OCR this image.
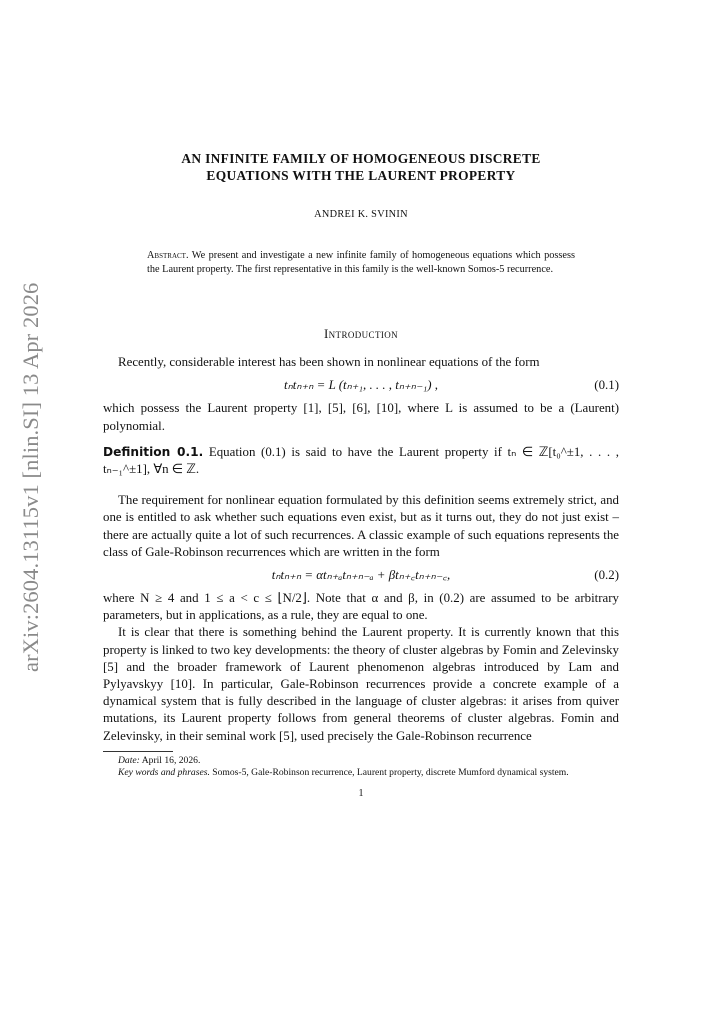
arXiv:2604.13115v1 [nlin.SI] 13 Apr 2026
AN INFINITE FAMILY OF HOMOGENEOUS DISCRETE
EQUATIONS WITH THE LAURENT PROPERTY
ANDREI K. SVININ
Abstract. We present and investigate a new infinite family of homogeneous equations which possess the Laurent property. The first representative in this family is the well-known Somos-5 recurrence.
Introduction

Recently, considerable interest has been shown in nonlinear equations of the form

tₙtₙ₊ₙ = L (tₙ₊₁, . . . , tₙ₊ₙ₋₁) ,	(0.1)

which possess the Laurent property [1], [5], [6], [10], where L is assumed to be a (Laurent) polynomial.

Definition 0.1. Equation (0.1) is said to have the Laurent property if tₙ ∈ ℤ[t₀^±1, . . . , tₙ₋₁^±1], ∀n ∈ ℤ.

The requirement for nonlinear equation formulated by this definition seems extremely strict, and one is entitled to ask whether such equations even exist, but as it turns out, they do not just exist – there are actually quite a lot of such recurrences. A classic example of such equations represents the class of Gale-Robinson recurrences which are written in the form

tₙtₙ₊ₙ = αtₙ₊ₐtₙ₊ₙ₋ₐ + βtₙ₊꜀tₙ₊ₙ₋꜀,	(0.2)

where N ≥ 4 and 1 ≤ a < c ≤ ⌊N/2⌋. Note that α and β, in (0.2) are assumed to be arbitrary parameters, but in applications, as a rule, they are equal to one.

It is clear that there is something behind the Laurent property. It is currently known that this property is linked to two key developments: the theory of cluster algebras by Fomin and Zelevinsky [5] and the broader framework of Laurent phenomenon algebras introduced by Lam and Pylyavskyy [10]. In particular, Gale-Robinson recurrences provide a concrete example of a dynamical system that is fully described in the language of cluster algebras: it arises from quiver mutations, its Laurent property follows from general theorems of cluster algebras. Fomin and Zelevinsky, in their seminal work [5], used precisely the Gale-Robinson recurrence

Date: April 16, 2026.
Key words and phrases. Somos-5, Gale-Robinson recurrence, Laurent property, discrete Mumford dynamical system.
1
